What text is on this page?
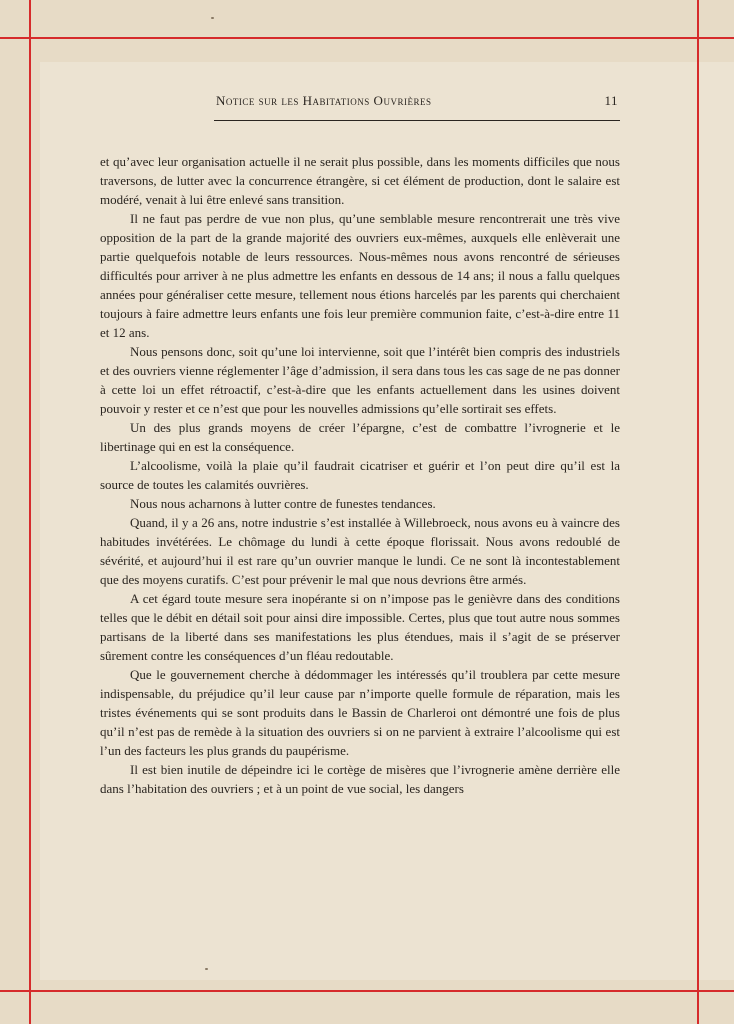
Notice sur les Habitations Ouvrières	11

et qu’avec leur organisation actuelle il ne serait plus possible, dans les moments difficiles que nous traversons, de lutter avec la concurrence étrangère, si cet élément de production, dont le salaire est modéré, venait à lui être enlevé sans transition.

Il ne faut pas perdre de vue non plus, qu’une semblable mesure rencontrerait une très vive opposition de la part de la grande majorité des ouvriers eux-mêmes, auxquels elle enlèverait une partie quelquefois notable de leurs ressources. Nous-mêmes nous avons rencontré de sérieuses difficultés pour arriver à ne plus admettre les enfants en dessous de 14 ans; il nous a fallu quelques années pour généraliser cette mesure, tellement nous étions harcelés par les parents qui cherchaient toujours à faire admettre leurs enfants une fois leur première communion faite, c’est-à-dire entre 11 et 12 ans.

Nous pensons donc, soit qu’une loi intervienne, soit que l’intérêt bien compris des industriels et des ouvriers vienne réglementer l’âge d’admission, il sera dans tous les cas sage de ne pas donner à cette loi un effet rétroactif, c’est-à-dire que les enfants actuellement dans les usines doivent pouvoir y rester et ce n’est que pour les nouvelles admissions qu’elle sortirait ses effets.

Un des plus grands moyens de créer l’épargne, c’est de combattre l’ivrognerie et le libertinage qui en est la conséquence.

L’alcoolisme, voilà la plaie qu’il faudrait cicatriser et guérir et l’on peut dire qu’il est la source de toutes les calamités ouvrières.

Nous nous acharnons à lutter contre de funestes tendances.

Quand, il y a 26 ans, notre industrie s’est installée à Willebroeck, nous avons eu à vaincre des habitudes invétérées. Le chômage du lundi à cette époque florissait. Nous avons redoublé de sévérité, et aujourd’hui il est rare qu’un ouvrier manque le lundi. Ce ne sont là incontestablement que des moyens curatifs. C’est pour prévenir le mal que nous devrions être armés.

A cet égard toute mesure sera inopérante si on n’impose pas le genièvre dans des conditions telles que le débit en détail soit pour ainsi dire impossible. Certes, plus que tout autre nous sommes partisans de la liberté dans ses manifestations les plus étendues, mais il s’agit de se préserver sûrement contre les conséquences d’un fléau redoutable.

Que le gouvernement cherche à dédommager les intéressés qu’il troublera par cette mesure indispensable, du préjudice qu’il leur cause par n’importe quelle formule de réparation, mais les tristes événements qui se sont produits dans le Bassin de Charleroi ont démontré une fois de plus qu’il n’est pas de remède à la situation des ouvriers si on ne parvient à extraire l’alcoolisme qui est l’un des facteurs les plus grands du paupérisme.

Il est bien inutile de dépeindre ici le cortège de misères que l’ivrognerie amène derrière elle dans l’habitation des ouvriers ; et à un point de vue social, les dangers
